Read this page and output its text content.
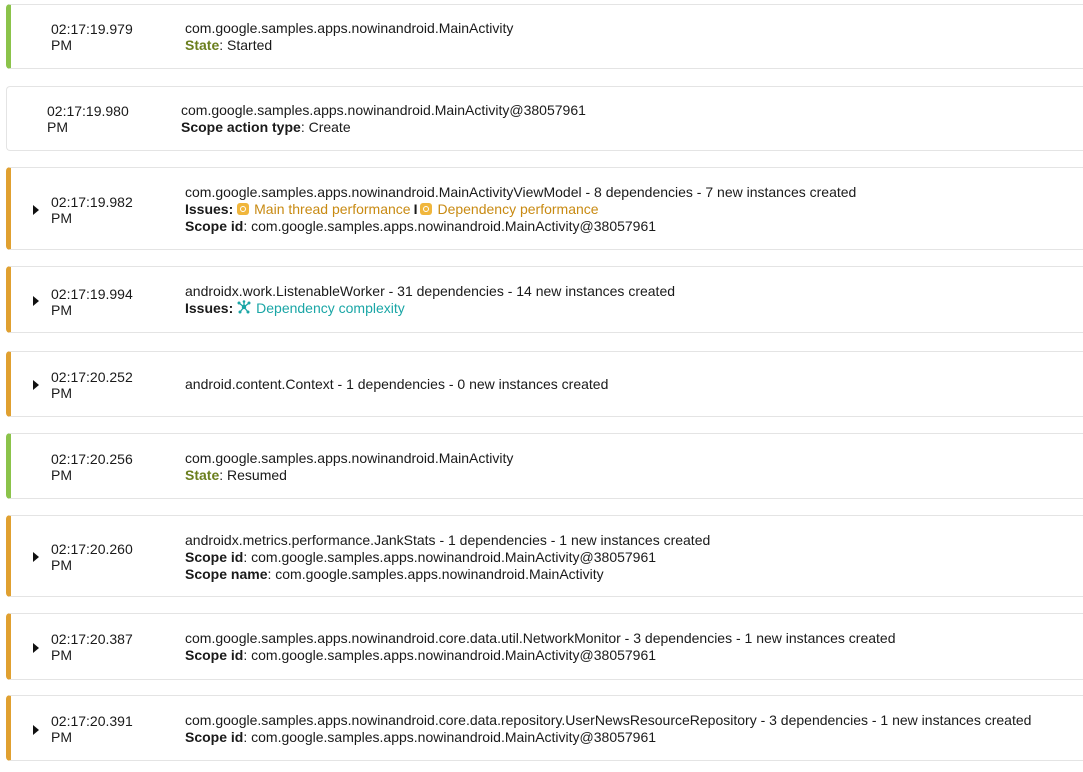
02:17:19.979
PM
com.google.samples.apps.nowinandroid.MainActivity
State: Started
02:17:19.980
PM
com.google.samples.apps.nowinandroid.MainActivity@38057961
Scope action type: Create
02:17:19.982
PM
com.google.samples.apps.nowinandroid.MainActivityViewModel - 8 dependencies - 7 new instances created
Issues: Main thread performance I Dependency performance
Scope id: com.google.samples.apps.nowinandroid.MainActivity@38057961
02:17:19.994
PM
androidx.work.ListenableWorker - 31 dependencies - 14 new instances created
Issues: Dependency complexity
02:17:20.252
PM
android.content.Context - 1 dependencies - 0 new instances created
02:17:20.256
PM
com.google.samples.apps.nowinandroid.MainActivity
State: Resumed
02:17:20.260
PM
androidx.metrics.performance.JankStats - 1 dependencies - 1 new instances created
Scope id: com.google.samples.apps.nowinandroid.MainActivity@38057961
Scope name: com.google.samples.apps.nowinandroid.MainActivity
02:17:20.387
PM
com.google.samples.apps.nowinandroid.core.data.util.NetworkMonitor - 3 dependencies - 1 new instances created
Scope id: com.google.samples.apps.nowinandroid.MainActivity@38057961
02:17:20.391
PM
com.google.samples.apps.nowinandroid.core.data.repository.UserNewsResourceRepository - 3 dependencies - 1 new instances created
Scope id: com.google.samples.apps.nowinandroid.MainActivity@38057961
